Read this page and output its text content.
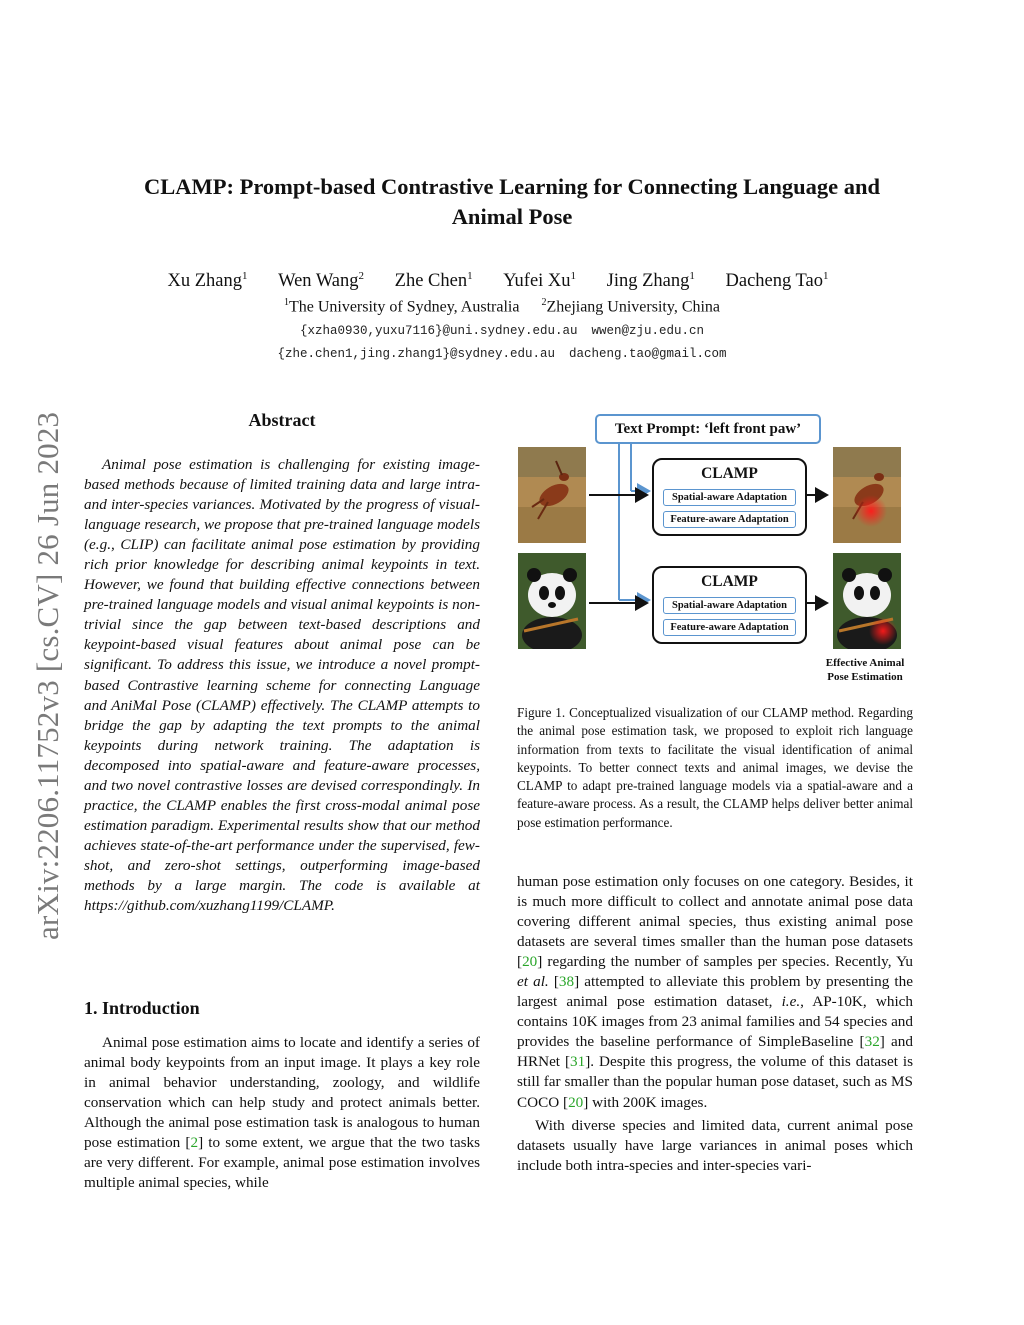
arXiv:2206.11752v3 [cs.CV] 26 Jun 2023
CLAMP: Prompt-based Contrastive Learning for Connecting Language and
Animal Pose
Xu Zhang$^1$ Wen Wang$^2$ Zhe Chen$^1$ Yufei Xu$^1$ Jing Zhang$^1$ Dacheng Tao$^1$
$^1$The University of Sydney, Australia $^2$Zhejiang University, China
{xzha0930,yuxu7116}@uni.sydney.edu.au wwen@zju.edu.cn
{zhe.chen1,jing.zhang1}@sydney.edu.au dacheng.tao@gmail.com
Abstract

Animal pose estimation is challenging for existing image-based methods because of limited training data and large intra- and inter-species variances. Motivated by the progress of visual-language research, we propose that pre-trained language models (e.g., CLIP) can facilitate animal pose estimation by providing rich prior knowledge for describing animal keypoints in text. However, we found that building effective connections between pre-trained language models and visual animal keypoints is non-trivial since the gap between text-based descriptions and keypoint-based visual features about animal pose can be significant. To address this issue, we introduce a novel prompt-based Contrastive learning scheme for connecting Language and AniMal Pose (CLAMP) effectively. The CLAMP attempts to bridge the gap by adapting the text prompts to the animal keypoints during network training. The adaptation is decomposed into spatial-aware and feature-aware processes, and two novel contrastive losses are devised correspondingly. In practice, the CLAMP enables the first cross-modal animal pose estimation paradigm. Experimental results show that our method achieves state-of-the-art performance under the supervised, few-shot, and zero-shot settings, outperforming image-based methods by a large margin. The code is available at https://github.com/xuzhang1199/CLAMP.

1. Introduction

Animal pose estimation aims to locate and identify a series of animal body keypoints from an input image. It plays a key role in animal behavior understanding, zoology, and wildlife conservation which can help study and protect animals better. Although the animal pose estimation task is analogous to human pose estimation [2] to some extent, we argue that the two tasks are very different. For example, animal pose estimation involves multiple animal species, while

Text Prompt: ‘left front paw’
CLAMP
Spatial-aware Adaptation
Feature-aware Adaptation
CLAMP
Spatial-aware Adaptation
Feature-aware Adaptation
Effective Animal
Pose Estimation
Figure 1. Conceptualized visualization of our CLAMP method. Regarding the animal pose estimation task, we proposed to exploit rich language information from texts to facilitate the visual identification of animal keypoints. To better connect texts and animal images, we devise the CLAMP to adapt pre-trained language models via a spatial-aware and a feature-aware process. As a result, the CLAMP helps deliver better animal pose estimation performance.

human pose estimation only focuses on one category. Besides, it is much more difficult to collect and annotate animal pose data covering different animal species, thus existing animal pose datasets are several times smaller than the human pose datasets [20] regarding the number of samples per species. Recently, Yu et al. [38] attempted to alleviate this problem by presenting the largest animal pose estimation dataset, i.e., AP-10K, which contains 10K images from 23 animal families and 54 species and provides the baseline performance of SimpleBaseline [32] and HRNet [31]. Despite this progress, the volume of this dataset is still far smaller than the popular human pose dataset, such as MS COCO [20] with 200K images.

With diverse species and limited data, current animal pose datasets usually have large variances in animal poses which include both intra-species and inter-species vari-
